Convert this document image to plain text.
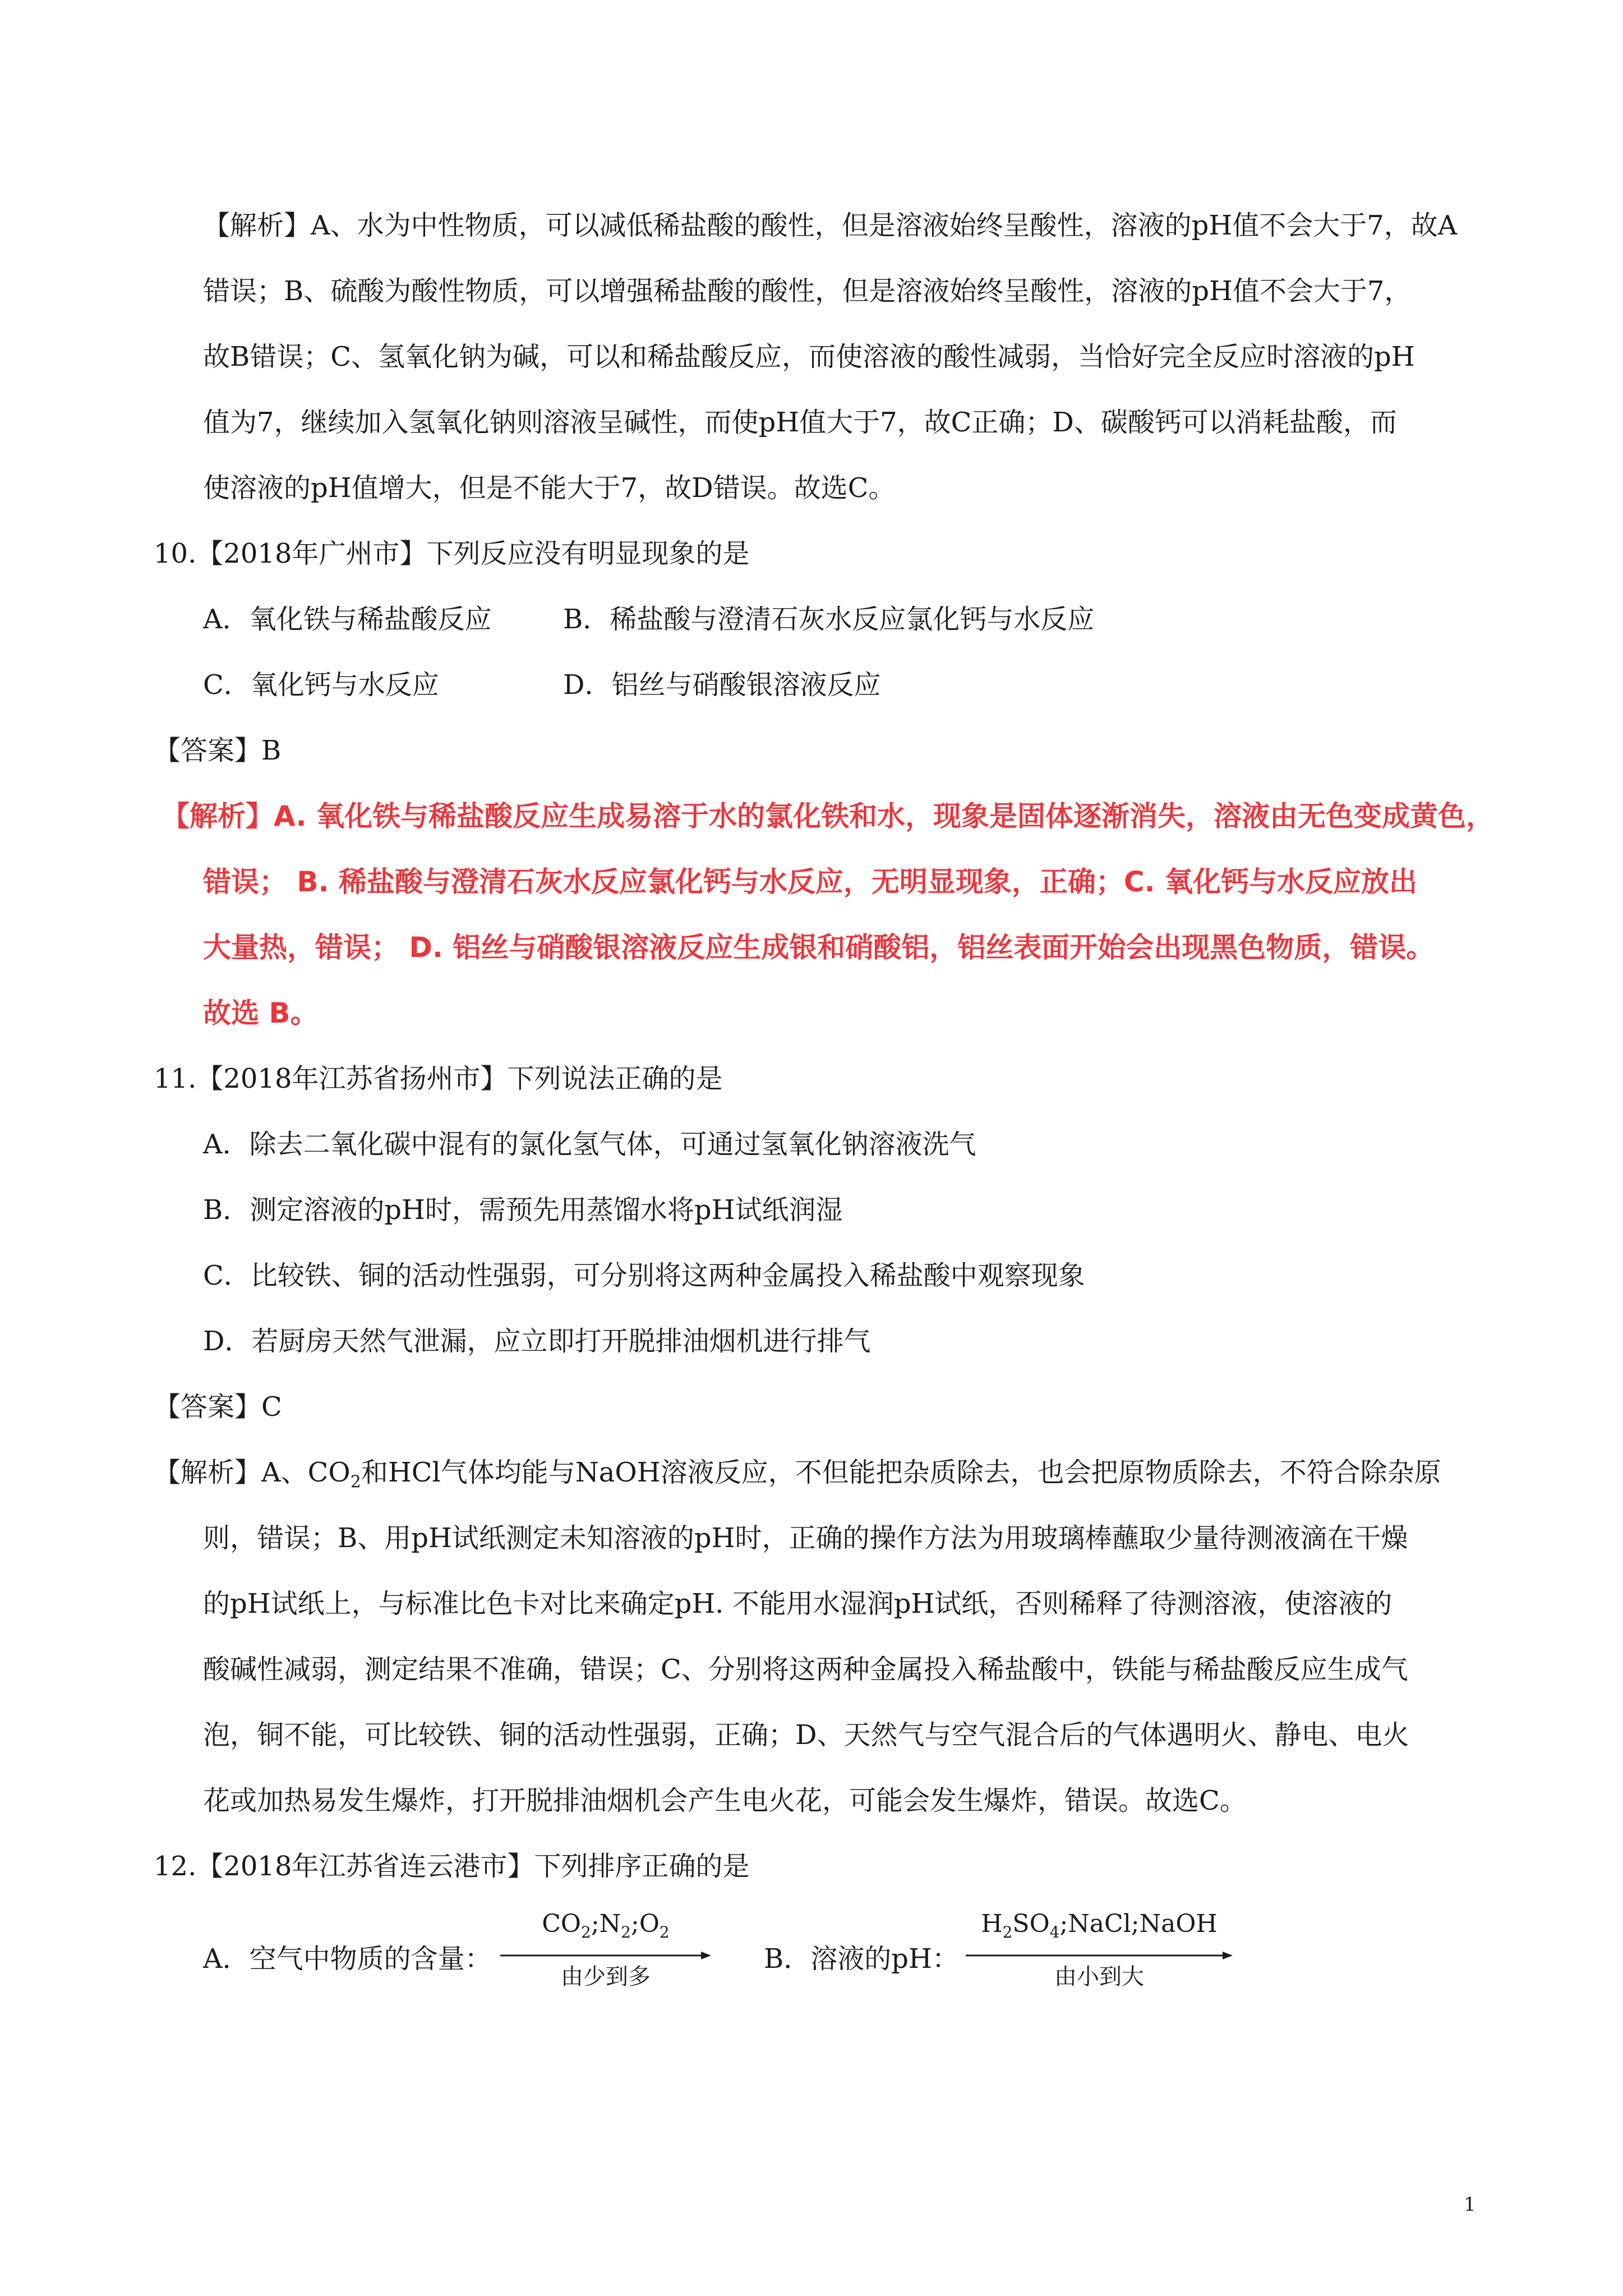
【解析】A、水为中性物质，可以减低稀盐酸的酸性，但是溶液始终呈酸性，溶液的pH值不会大于7，故A
错误；B、硫酸为酸性物质，可以增强稀盐酸的酸性，但是溶液始终呈酸性，溶液的pH值不会大于7，
故B错误；C、氢氧化钠为碱，可以和稀盐酸反应，而使溶液的酸性减弱，当恰好完全反应时溶液的pH
值为7，继续加入氢氧化钠则溶液呈碱性，而使pH值大于7，故C正确；D、碳酸钙可以消耗盐酸，而
使溶液的pH值增大，但是不能大于7，故D错误。故选C。
10.【2018年广州市】下列反应没有明显现象的是
A．氧化铁与稀盐酸反应	B．稀盐酸与澄清石灰水反应氯化钙与水反应
C．氧化钙与水反应	D．铝丝与硝酸银溶液反应
【答案】B
【解析】A. 氧化铁与稀盐酸反应生成易溶于水的氯化铁和水，现象是固体逐渐消失，溶液由无色变成黄色，
错误； B. 稀盐酸与澄清石灰水反应氯化钙与水反应，无明显现象，正确；C. 氧化钙与水反应放出
大量热，错误； D. 铝丝与硝酸银溶液反应生成银和硝酸铝，铝丝表面开始会出现黑色物质，错误。
故选 B。
11.【2018年江苏省扬州市】下列说法正确的是
A．除去二氧化碳中混有的氯化氢气体，可通过氢氧化钠溶液洗气
B．测定溶液的pH时，需预先用蒸馏水将pH试纸润湿
C．比较铁、铜的活动性强弱，可分别将这两种金属投入稀盐酸中观察现象
D．若厨房天然气泄漏，应立即打开脱排油烟机进行排气
【答案】C
【解析】A、$CO_2$和HCl气体均能与NaOH溶液反应，不但能把杂质除去，也会把原物质除去，不符合除杂原
则，错误；B、用pH试纸测定未知溶液的pH时，正确的操作方法为用玻璃棒蘸取少量待测液滴在干燥
的pH试纸上，与标准比色卡对比来确定pH. 不能用水湿润pH试纸，否则稀释了待测溶液，使溶液的
酸碱性减弱，测定结果不准确，错误；C、分别将这两种金属投入稀盐酸中，铁能与稀盐酸反应生成气
泡，铜不能，可比较铁、铜的活动性强弱，正确；D、天然气与空气混合后的气体遇明火、静电、电火
花或加热易发生爆炸，打开脱排油烟机会产生电火花，可能会发生爆炸，错误。故选C。
12.【2018年江苏省连云港市】下列排序正确的是
A．空气中物质的含量：
$CO_2;N_2;O_2$
由少到多
B．溶液的pH：
$H_2SO_4;NaCl;NaOH$
由小到大
1
